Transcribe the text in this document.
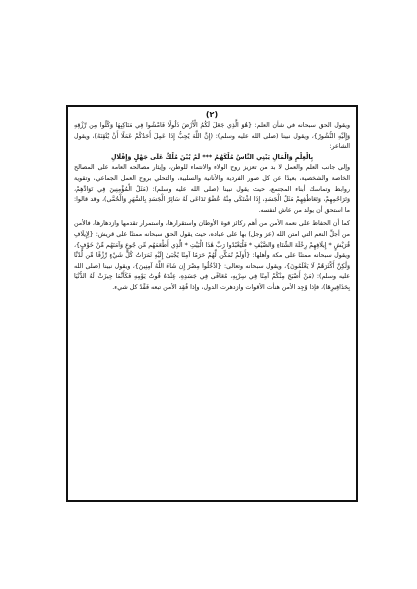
(٢)

ويقول الحق سبحانه في شأن العلم: {هُوَ الَّذِي جَعَلَ لَكُمُ الْأَرْضَ ذَلُولًا فَامْشُوا فِي مَنَاكِبِهَا وَكُلُوا مِن رِّزْقِهِ وَإِلَيْهِ النُّشُورُ}، ويقول نبينا (صلى الله عليه وسلم): (إِنَّ اللَّهَ يُحِبُّ إِذَا عَمِلَ أَحَدُكُمْ عَمَلًا أَنْ يُتْقِنَهُ)، ويقول الشاعر:

بِالْعِلْمِ وَالْمَالِ يَبْنِي النَّاسُ مُلْكَهُمُ *** لَمْ يُبْنَ مُلْكٌ عَلَى جَهْلٍ وَإِقْلَالِ

وإلى جانب العلم والعمل لا بد من تعزيز روح الولاء والانتماء للوطن، وإيثار مصالحه العامة على المصالح الخاصة والشخصية، بعيدًا عن كل صور الفردية والأنانية والسلبية، والتحلي بروح العمل الجماعي، وتقوية روابط وتماسك أبناء المجتمع، حيث يقول نبينا (صلى الله عليه وسلم): (مَثَلُ الْمُؤْمِنِينَ فِي تَوَادِّهِمْ، وَتَرَاحُمِهِمْ، وَتَعَاطُفِهِمْ مَثَلُ الْجَسَدِ، إِذَا اشْتَكَى مِنْهُ عُضْوٌ تَدَاعَى لَهُ سَائِرُ الْجَسَدِ بِالسَّهَرِ وَالْحُمَّى)، وقد قالوا: ما استحق أن يولد من عاش لنفسه.

كما أن الحفاظ على نعمة الأمن من أهم ركائز قوة الأوطان واستقرارها، واستمرار تقدمها وازدهارها، فالأمن من أجلِّ النعم التي امتن الله (عز وجل) بها على عباده، حيث يقول الحق سبحانه ممتنًا على قريش: {لِإِيلَافِ قُرَيْشٍ * إِيلَافِهِمْ رِحْلَةَ الشِّتَاءِ وَالصَّيْفِ * فَلْيَعْبُدُوا رَبَّ هَٰذَا الْبَيْتِ * الَّذِي أَطْعَمَهُم مِّن جُوعٍ وَآمَنَهُم مِّنْ خَوْفٍ}، ويقول سبحانه ممتنًا على مكة وأهلها: {أَوَلَمْ نُمَكِّن لَّهُمْ حَرَمًا آمِنًا يُجْبَىٰ إِلَيْهِ ثَمَرَاتُ كُلِّ شَيْءٍ رِّزْقًا مِّن لَّدُنَّا وَلَٰكِنَّ أَكْثَرَهُمْ لَا يَعْلَمُونَ}، ويقول سبحانه وتعالى: {ادْخُلُوا مِصْرَ إِن شَاءَ اللَّهُ آمِنِينَ}، ويقول نبينا (صلى الله عليه وسلم): (مَنْ أَصْبَحَ مِنْكُمْ آمِنًا فِي سِرْبِهِ، مُعَافًى فِي جَسَدِهِ، عِنْدَهُ قُوتُ يَوْمِهِ فَكَأَنَّمَا حِيزَتْ لَهُ الدُّنْيَا بِحَذَافِيرِهَا)، فإذا وُجِد الأمن هنأت الأقوات وازدهرت الدول، وإذا فُقِد الأمن تبعه فَقْدُ كل شيء.
